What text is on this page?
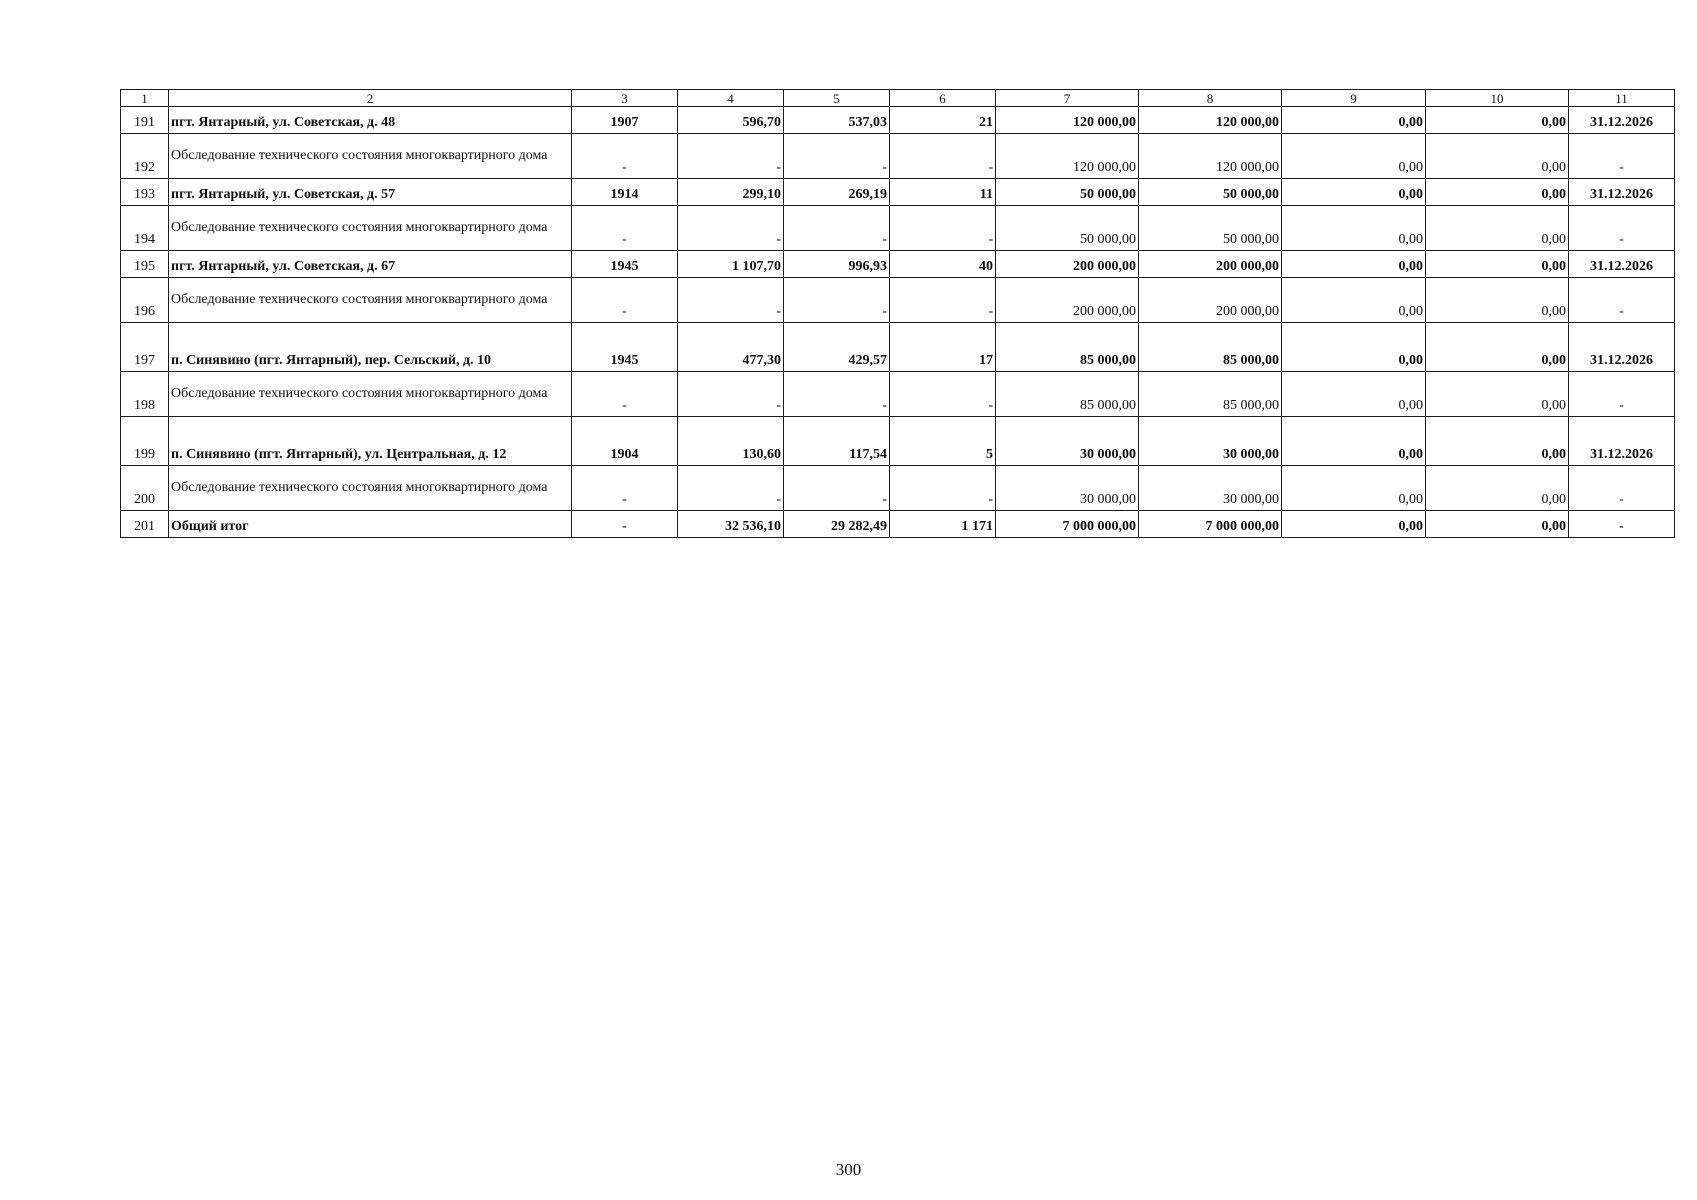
1	2	3	4	5	6	7	8	9	10	11
191	пгт. Янтарный, ул. Советская, д. 48	1907	596,70	537,03	21	120 000,00	120 000,00	0,00	0,00	31.12.2026
192	Обследование технического состояния многоквартирного дома	-	-	-	-	120 000,00	120 000,00	0,00	0,00	-
193	пгт. Янтарный, ул. Советская, д. 57	1914	299,10	269,19	11	50 000,00	50 000,00	0,00	0,00	31.12.2026
194	Обследование технического состояния многоквартирного дома	-	-	-	-	50 000,00	50 000,00	0,00	0,00	-
195	пгт. Янтарный, ул. Советская, д. 67	1945	1 107,70	996,93	40	200 000,00	200 000,00	0,00	0,00	31.12.2026
196	Обследование технического состояния многоквартирного дома	-	-	-	-	200 000,00	200 000,00	0,00	0,00	-
197	п. Синявино (пгт. Янтарный), пер. Сельский, д. 10	1945	477,30	429,57	17	85 000,00	85 000,00	0,00	0,00	31.12.2026
198	Обследование технического состояния многоквартирного дома	-	-	-	-	85 000,00	85 000,00	0,00	0,00	-
199	п. Синявино (пгт. Янтарный), ул. Центральная, д. 12	1904	130,60	117,54	5	30 000,00	30 000,00	0,00	0,00	31.12.2026
200	Обследование технического состояния многоквартирного дома	-	-	-	-	30 000,00	30 000,00	0,00	0,00	-
201	Общий итог	-	32 536,10	29 282,49	1 171	7 000 000,00	7 000 000,00	0,00	0,00	-
300
